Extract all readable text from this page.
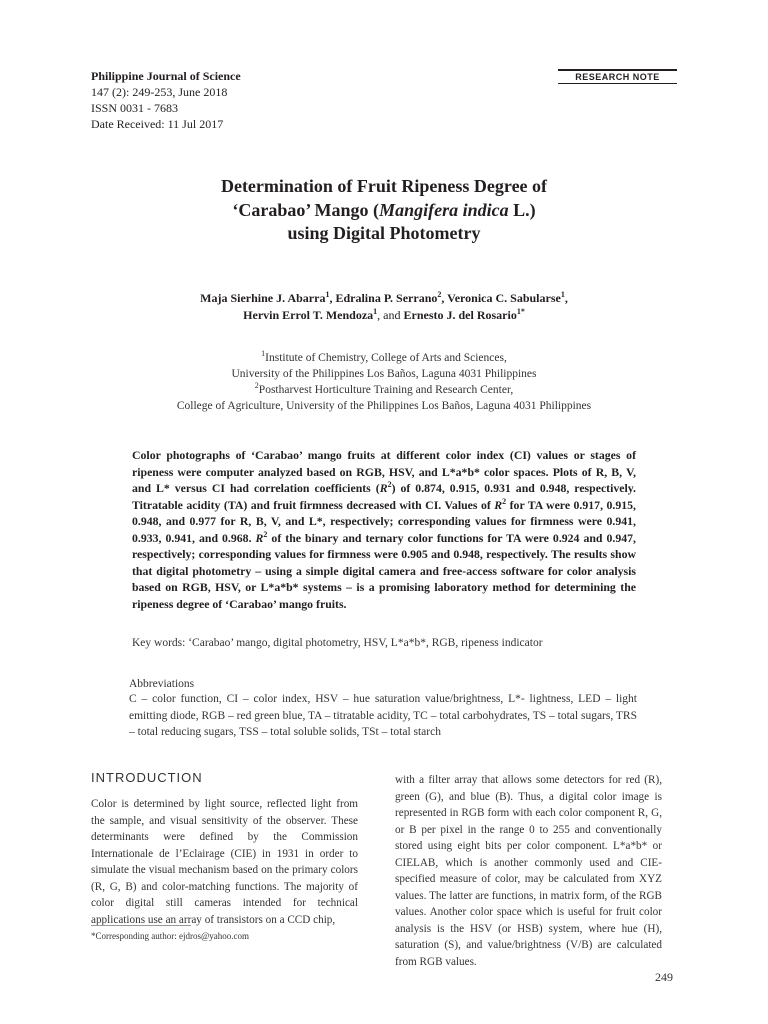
Philippine Journal of Science
147 (2): 249-253, June 2018
ISSN 0031 - 7683
Date Received: 11 Jul 2017
RESEARCH NOTE
Determination of Fruit Ripeness Degree of
‘Carabao’ Mango (Mangifera indica L.)
using Digital Photometry
Maja Sierhine J. Abarra$^1$, Edralina P. Serrano$^2$, Veronica C. Sabularse$^1$,
Hervin Errol T. Mendoza$^1$, and Ernesto J. del Rosario$^{1*}$
$^1$Institute of Chemistry, College of Arts and Sciences,
University of the Philippines Los Baños, Laguna 4031 Philippines
$^2$Postharvest Horticulture Training and Research Center,
College of Agriculture, University of the Philippines Los Baños, Laguna 4031 Philippines
Color photographs of ‘Carabao’ mango fruits at different color index (CI) values or stages of ripeness were computer analyzed based on RGB, HSV, and L*a*b* color spaces. Plots of R, B, V, and L* versus CI had correlation coefficients $(R^2)$ of 0.874, 0.915, 0.931 and 0.948, respectively. Titratable acidity (TA) and fruit firmness decreased with CI. Values of $R^2$ for TA were 0.917, 0.915, 0.948, and 0.977 for R, B, V, and L*, respectively; corresponding values for firmness were 0.941, 0.933, 0.941, and 0.968. $R^2$ of the binary and ternary color functions for TA were 0.924 and 0.947, respectively; corresponding values for firmness were 0.905 and 0.948, respectively. The results show that digital photometry – using a simple digital camera and free-access software for color analysis based on RGB, HSV, or L*a*b* systems – is a promising laboratory method for determining the ripeness degree of ‘Carabao’ mango fruits.
Key words: ‘Carabao’ mango, digital photometry, HSV, L*a*b*, RGB, ripeness indicator
Abbreviations
C – color function, CI – color index, HSV – hue saturation value/brightness, L*- lightness, LED – light emitting diode, RGB – red green blue, TA – titratable acidity, TC – total carbohydrates, TS – total sugars, TRS – total reducing sugars, TSS – total soluble solids, TSt – total starch
INTRODUCTION
Color is determined by light source, reflected light from the sample, and visual sensitivity of the observer. These determinants were defined by the Commission Internationale de l’Eclairage (CIE) in 1931 in order to simulate the visual mechanism based on the primary colors (R, G, B) and color-matching functions. The majority of color digital still cameras intended for technical applications use an array of transistors on a CCD chip,
with a filter array that allows some detectors for red (R), green (G), and blue (B). Thus, a digital color image is represented in RGB form with each color component R, G, or B per pixel in the range 0 to 255 and conventionally stored using eight bits per color component. L*a*b* or CIELAB, which is another commonly used and CIE-specified measure of color, may be calculated from XYZ values. The latter are functions, in matrix form, of the RGB values. Another color space which is useful for fruit color analysis is the HSV (or HSB) system, where hue (H), saturation (S), and value/brightness (V/B) are calculated from RGB values.
*Corresponding author: ejdros@yahoo.com
249
